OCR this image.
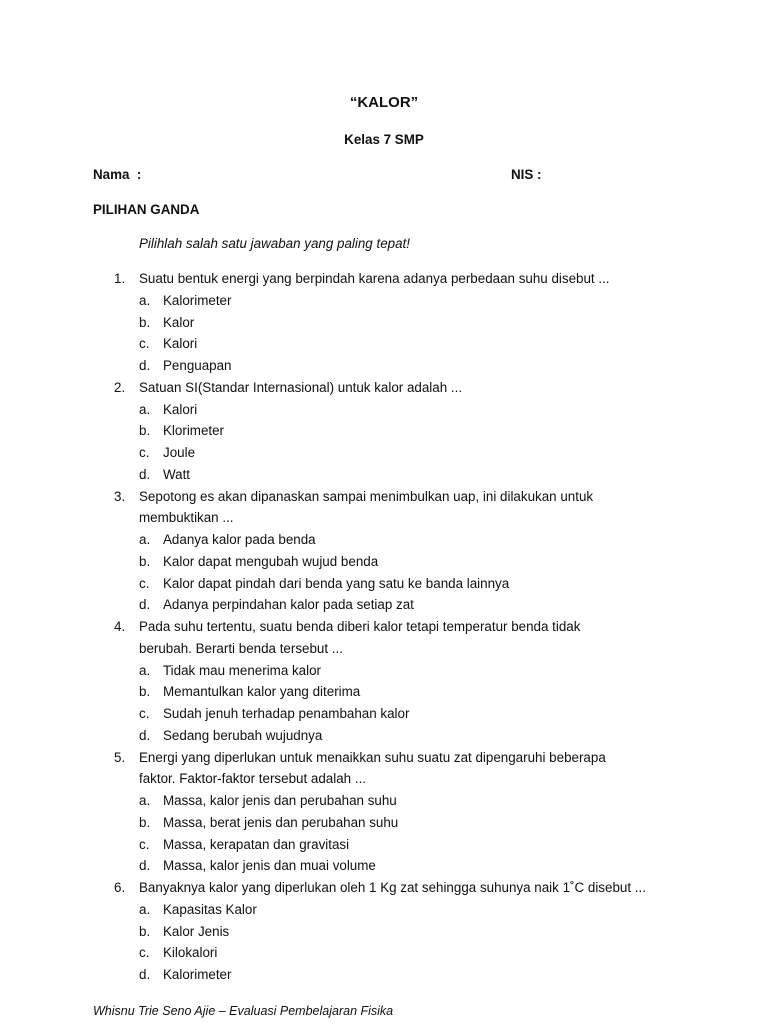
“KALOR”
Kelas 7 SMP
Nama  :	NIS :
PILIHAN GANDA
Pilihlah salah satu jawaban yang paling tepat!
1.	Suatu bentuk energi yang berpindah karena adanya perbedaan suhu disebut ...
a. Kalorimeter
b. Kalor
c. Kalori
d. Penguapan
2.	Satuan SI(Standar Internasional) untuk kalor adalah ...
a. Kalori
b. Klorimeter
c. Joule
d. Watt
3.	Sepotong es akan dipanaskan sampai menimbulkan uap, ini dilakukan untuk
membuktikan ...
a. Adanya kalor pada benda
b. Kalor dapat mengubah wujud benda
c. Kalor dapat pindah dari benda yang satu ke banda lainnya
d. Adanya perpindahan kalor pada setiap zat
4.	Pada suhu tertentu, suatu benda diberi kalor tetapi temperatur benda tidak
berubah. Berarti benda tersebut ...
a. Tidak mau menerima kalor
b. Memantulkan kalor yang diterima
c. Sudah jenuh terhadap penambahan kalor
d. Sedang berubah wujudnya
5.	Energi yang diperlukan untuk menaikkan suhu suatu zat dipengaruhi beberapa
faktor. Faktor-faktor tersebut adalah ...
a. Massa, kalor jenis dan perubahan suhu
b. Massa, berat jenis dan perubahan suhu
c. Massa, kerapatan dan gravitasi
d. Massa, kalor jenis dan muai volume
6.	Banyaknya kalor yang diperlukan oleh 1 Kg zat sehingga suhunya naik 1˚C disebut ...
a. Kapasitas Kalor
b. Kalor Jenis
c. Kilokalori
d. Kalorimeter
Whisnu Trie Seno Ajie – Evaluasi Pembelajaran Fisika
